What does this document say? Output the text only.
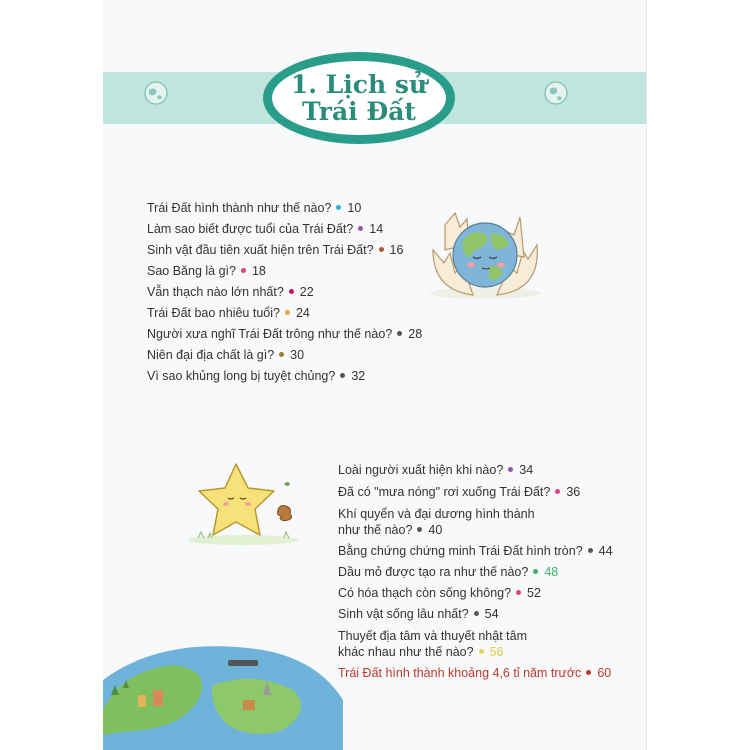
1. Lịch sử
Trái Đất
Trái Đất hình thành như thế nào? 10
Làm sao biết được tuổi của Trái Đất? 14
Sinh vật đầu tiên xuất hiện trên Trái Đất? 16
Sao Băng là gì? 18
Vẫn thạch nào lớn nhất? 22
Trái Đất bao nhiêu tuổi? 24
Người xưa nghĩ Trái Đất trông như thế nào? 28
Niên đại địa chất là gì? 30
Vì sao khủng long bị tuyệt chủng? 32
Loài người xuất hiện khi nào? 34
Đã có "mưa nóng" rơi xuống Trái Đất? 36
Khí quyển và đại dương hình thành
như thế nào? 40
Bằng chứng chứng minh Trái Đất hình tròn? 44
Dầu mỏ được tạo ra như thế nào? 48
Có hóa thạch còn sống không? 52
Sinh vật sống lâu nhất? 54
Thuyết địa tâm và thuyết nhật tâm
khác nhau như thế nào? 56
Trái Đất hình thành khoảng 4,6 tỉ năm trước 60
